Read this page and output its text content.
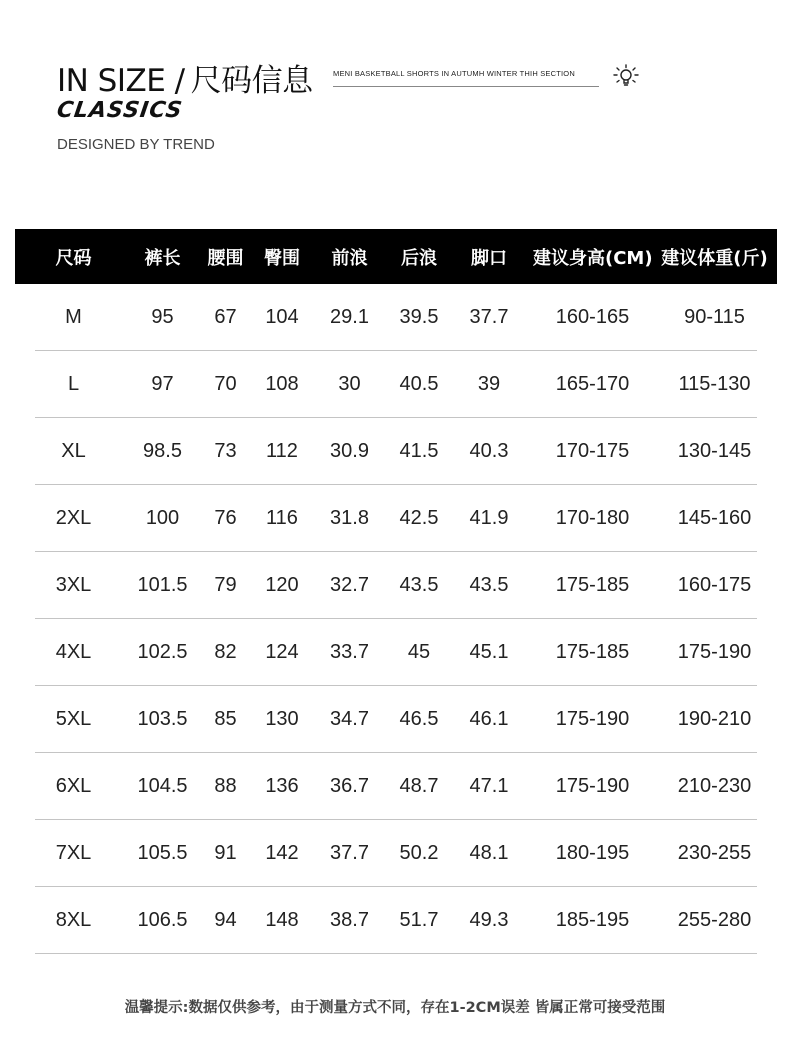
IN SIZE / 尺码信息
CLASSICS
DESIGNED BY TREND
MENI BASKETBALL SHORTS IN AUTUMH WINTER THIH SECTION
尺码	裤长	腰围	臀围	前浪	后浪	脚口	建议身高(CM)	建议体重(斤)
M	95	67	104	29.1	39.5	37.7	160-165	90-115
L	97	70	108	30	40.5	39	165-170	115-130
XL	98.5	73	112	30.9	41.5	40.3	170-175	130-145
2XL	100	76	116	31.8	42.5	41.9	170-180	145-160
3XL	101.5	79	120	32.7	43.5	43.5	175-185	160-175
4XL	102.5	82	124	33.7	45	45.1	175-185	175-190
5XL	103.5	85	130	34.7	46.5	46.1	175-190	190-210
6XL	104.5	88	136	36.7	48.7	47.1	175-190	210-230
7XL	105.5	91	142	37.7	50.2	48.1	180-195	230-255
8XL	106.5	94	148	38.7	51.7	49.3	185-195	255-280
温馨提示:数据仅供参考，由于测量方式不同，存在1-2CM误差 皆属正常可接受范围
